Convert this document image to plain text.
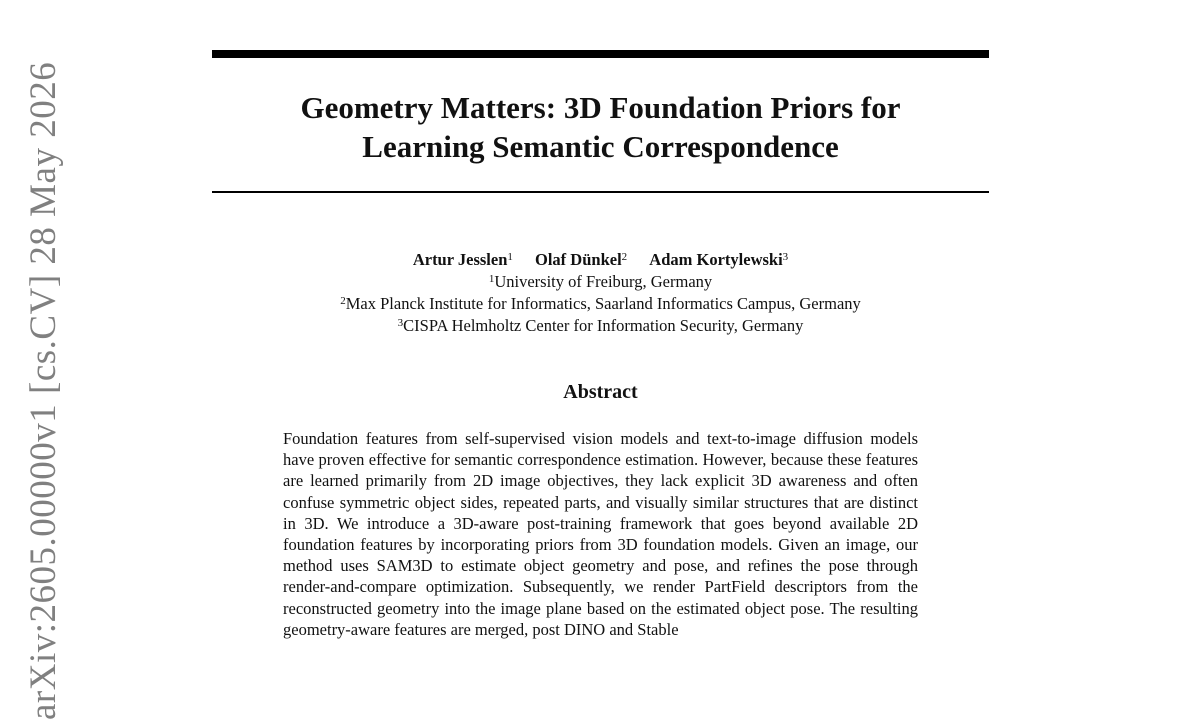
Geometry Matters: 3D Foundation Priors for
Learning Semantic Correspondence
Artur Jesslen$^1$ Olaf Dünkel$^2$ Adam Kortylewski$^3$
$^1$University of Freiburg, Germany
$^2$Max Planck Institute for Informatics, Saarland Informatics Campus, Germany
$^3$CISPA Helmholtz Center for Information Security, Germany
Abstract

Foundation features from self-supervised vision models and text-to-image diffusion models have proven effective for semantic correspondence estimation. However, because these features are learned primarily from 2D image objectives, they lack explicit 3D awareness and often confuse symmetric object sides, repeated parts, and visually similar structures that are distinct in 3D. We introduce a 3D-aware post-training framework that goes beyond available 2D foundation features by incorporating priors from 3D foundation models. Given an image, our method uses SAM3D to estimate object geometry and pose, and refines the pose through render-and-compare optimization. Subsequently, we render PartField descriptors from the reconstructed geometry into the image plane based on the estimated object pose. The resulting geometry-aware features are merged, post DINO and Stable

arXiv:2605.00000v1 [cs.CV] 28 May 2026
